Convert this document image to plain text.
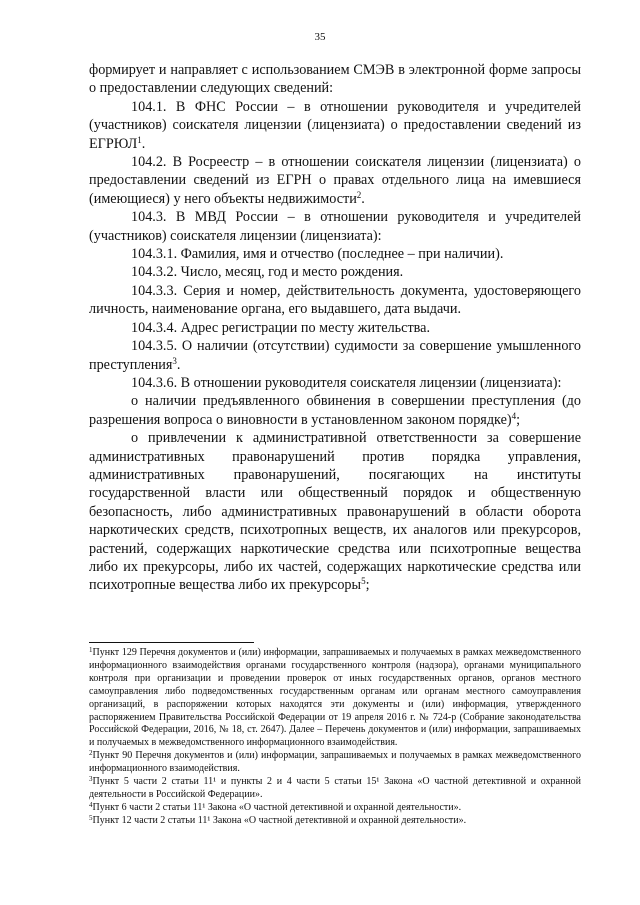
35

формирует и направляет с использованием СМЭВ в электронной форме запросы о предоставлении следующих сведений:

104.1. В ФНС России – в отношении руководителя и учредителей (участников) соискателя лицензии (лицензиата) о предоставлении сведений из ЕГРЮЛ$^1$.

104.2. В Росреестр – в отношении соискателя лицензии (лицензиата) о предоставлении сведений из ЕГРН о правах отдельного лица на имевшиеся (имеющиеся) у него объекты недвижимости$^2$.

104.3. В МВД России – в отношении руководителя и учредителей (участников) соискателя лицензии (лицензиата):

104.3.1. Фамилия, имя и отчество (последнее – при наличии).

104.3.2. Число, месяц, год и место рождения.

104.3.3. Серия и номер, действительность документа, удостоверяющего личность, наименование органа, его выдавшего, дата выдачи.

104.3.4. Адрес регистрации по месту жительства.

104.3.5. О наличии (отсутствии) судимости за совершение умышленного преступления$^3$.

104.3.6. В отношении руководителя соискателя лицензии (лицензиата):

о наличии предъявленного обвинения в совершении преступления (до разрешения вопроса о виновности в установленном законом порядке)$^4$;

о привлечении к административной ответственности за совершение административных правонарушений против порядка управления, административных правонарушений, посягающих на институты государственной власти или общественный порядок и общественную безопасность, либо административных правонарушений в области оборота наркотических средств, психотропных веществ, их аналогов или прекурсоров, растений, содержащих наркотические средства или психотропные вещества либо их прекурсоры, либо их частей, содержащих наркотические средства или психотропные вещества либо их прекурсоры$^5$;

$^1$Пункт 129 Перечня документов и (или) информации, запрашиваемых и получаемых в рамках межведомственного информационного взаимодействия органами государственного контроля (надзора), органами муниципального контроля при организации и проведении проверок от иных государственных органов, органов местного самоуправления либо подведомственных государственным органам или органам местного самоуправления организаций, в распоряжении которых находятся эти документы и (или) информация, утвержденного распоряжением Правительства Российской Федерации от 19 апреля 2016 г. № 724-р (Собрание законодательства Российской Федерации, 2016, № 18, ст. 2647). Далее – Перечень документов и (или) информации, запрашиваемых и получаемых в межведомственного информационного взаимодействия.

$^2$Пункт 90 Перечня документов и (или) информации, запрашиваемых и получаемых в рамках межведомственного информационного взаимодействия.

$^3$Пункт 5 части 2 статьи 11¹ и пункты 2 и 4 части 5 статьи 15¹ Закона «О частной детективной и охранной деятельности в Российской Федерации».

$^4$Пункт 6 части 2 статьи 11¹ Закона «О частной детективной и охранной деятельности».

$^5$Пункт 12 части 2 статьи 11¹ Закона «О частной детективной и охранной деятельности».
